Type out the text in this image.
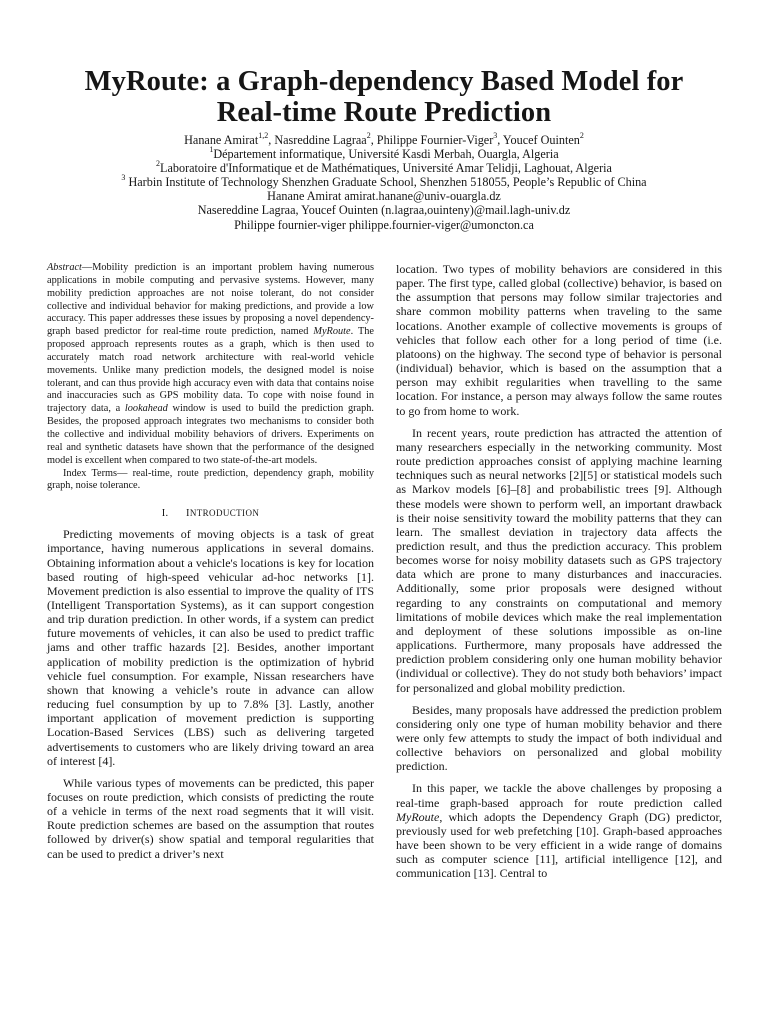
MyRoute: a Graph-dependency Based Model for
Real-time Route Prediction
Hanane Amirat$^{1,2}$, Nasreddine Lagraa$^2$, Philippe Fournier-Viger$^3$, Youcef Ouinten$^2$
$^1$Département informatique, Université Kasdi Merbah, Ouargla, Algeria
$^2$Laboratoire d'Informatique et de Mathématiques, Université Amar Telidji, Laghouat, Algeria
$^3$ Harbin Institute of Technology Shenzhen Graduate School, Shenzhen 518055, People’s Republic of China
Hanane Amirat amirat.hanane@univ-ouargla.dz
Nasereddine Lagraa, Youcef Ouinten (n.lagraa,ouinteny)@mail.lagh-univ.dz
Philippe fournier-viger philippe.fournier-viger@umoncton.ca

Abstract—Mobility prediction is an important problem having numerous applications in mobile computing and pervasive systems. However, many mobility prediction approaches are not noise tolerant, do not consider collective and individual behavior for making predictions, and provide a low accuracy. This paper addresses these issues by proposing a novel dependency-graph based predictor for real-time route prediction, named MyRoute. The proposed approach represents routes as a graph, which is then used to accurately match road network architecture with real-world vehicle movements. Unlike many prediction models, the designed model is noise tolerant, and can thus provide high accuracy even with data that contains noise and inaccuracies such as GPS mobility data. To cope with noise found in trajectory data, a lookahead window is used to build the prediction graph. Besides, the proposed approach integrates two mechanisms to consider both the collective and individual mobility behaviors of drivers. Experiments on real and synthetic datasets have shown that the performance of the designed model is excellent when compared to two state-of-the-art models.

Index Terms— real-time, route prediction, dependency graph, mobility graph, noise tolerance.

I. INTRODUCTION

Predicting movements of moving objects is a task of great importance, having numerous applications in several domains. Obtaining information about a vehicle's locations is key for location based routing of high-speed vehicular ad-hoc networks [1]. Movement prediction is also essential to improve the quality of ITS (Intelligent Transportation Systems), as it can support congestion and trip duration prediction. In other words, if a system can predict future movements of vehicles, it can also be used to predict traffic jams and other traffic hazards [2]. Besides, another important application of mobility prediction is the optimization of hybrid vehicle fuel consumption. For example, Nissan researchers have shown that knowing a vehicle’s route in advance can allow reducing fuel consumption by up to 7.8% [3]. Lastly, another important application of movement prediction is supporting Location-Based Services (LBS) such as delivering targeted advertisements to customers who are likely driving toward an area of interest [4].

While various types of movements can be predicted, this paper focuses on route prediction, which consists of predicting the route of a vehicle in terms of the next road segments that it will visit. Route prediction schemes are based on the assumption that routes followed by driver(s) show spatial and temporal regularities that can be used to predict a driver’s next

location. Two types of mobility behaviors are considered in this paper. The first type, called global (collective) behavior, is based on the assumption that persons may follow similar trajectories and share common mobility patterns when traveling to the same locations. Another example of collective movements is groups of vehicles that follow each other for a long period of time (i.e. platoons) on the highway. The second type of behavior is personal (individual) behavior, which is based on the assumption that a person may exhibit regularities when travelling to the same location. For instance, a person may always follow the same routes to go from home to work.

In recent years, route prediction has attracted the attention of many researchers especially in the networking community. Most route prediction approaches consist of applying machine learning techniques such as neural networks [2][5] or statistical models such as Markov models [6]–[8] and probabilistic trees [9]. Although these models were shown to perform well, an important drawback is their noise sensitivity toward the mobility patterns that they can learn. The smallest deviation in trajectory data affects the prediction result, and thus the prediction accuracy. This problem becomes worse for noisy mobility datasets such as GPS trajectory data which are prone to many disturbances and inaccuracies. Additionally, some prior proposals were designed without regarding to any constraints on computational and memory limitations of mobile devices which make the real implementation and deployment of these solutions impossible as on-line applications. Furthermore, many proposals have addressed the prediction problem considering only one human mobility behavior (individual or collective). They do not study both behaviors’ impact for personalized and global mobility prediction.

Besides, many proposals have addressed the prediction problem considering only one type of human mobility behavior and there were only few attempts to study the impact of both individual and collective behaviors on personalized and global mobility prediction.

In this paper, we tackle the above challenges by proposing a real-time graph-based approach for route prediction called MyRoute, which adopts the Dependency Graph (DG) predictor, previously used for web prefetching [10]. Graph-based approaches have been shown to be very efficient in a wide range of domains such as computer science [11], artificial intelligence [12], and communication [13]. Central to
